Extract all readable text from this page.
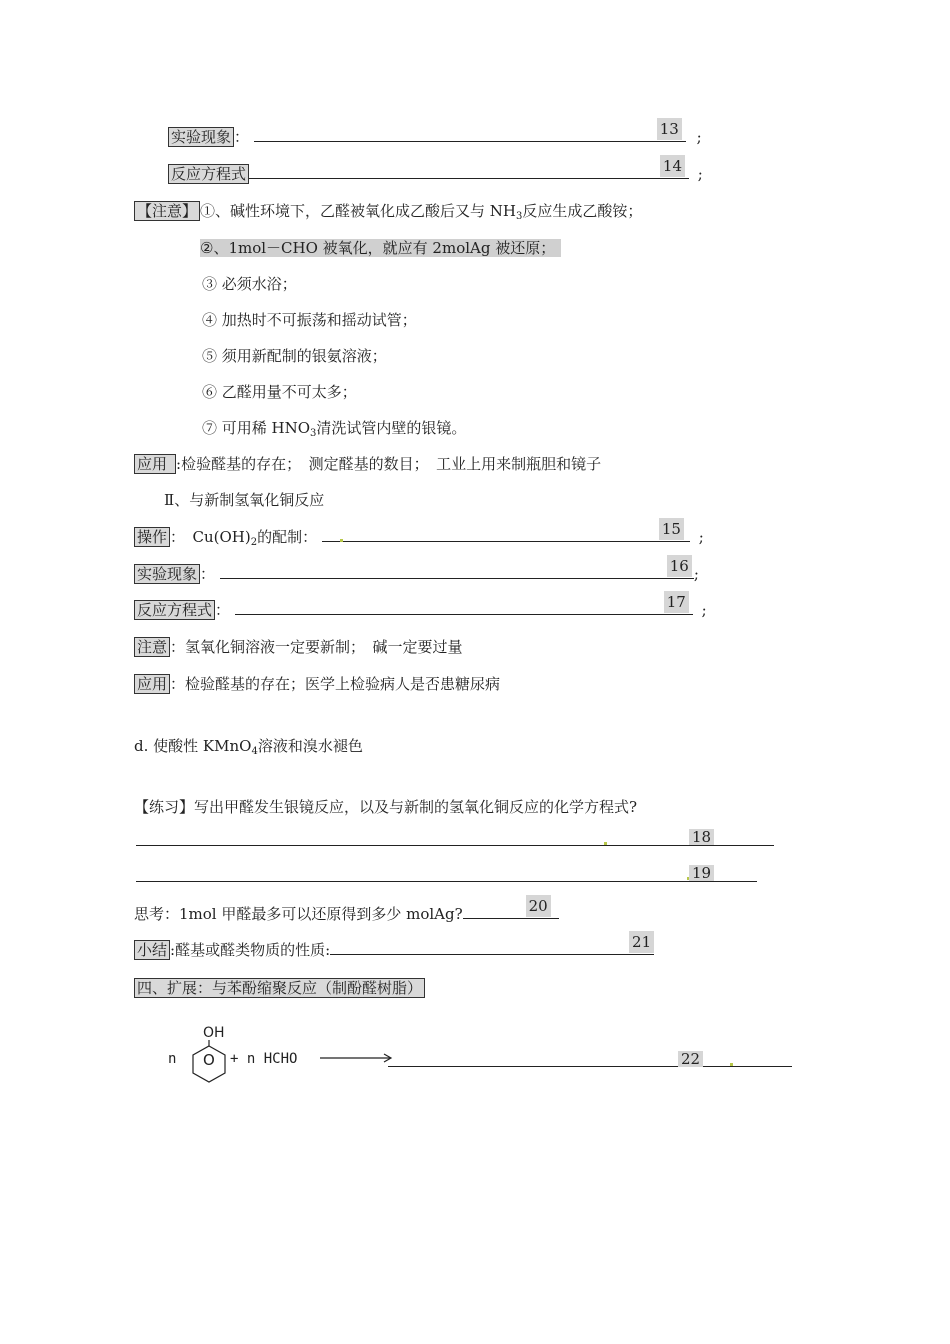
实验现象 ：	13 ;
反应方程式	14 ;
【注意】 ①、碱性环境下，乙醛被氧化成乙酸后又与 $NH_3$反应生成乙酸铵；
②、1mol－CHO 被氧化，就应有 2molAg 被还原；
③ 必须水浴；
④ 加热时不可振荡和摇动试管；
⑤ 须用新配制的银氨溶液；
⑥ 乙醛用量不可太多；
⑦ 可用稀 $HNO_3$清洗试管内壁的银镜。
应用 :检验醛基的存在；　测定醛基的数目；　工业上用来制瓶胆和镜子
Ⅱ、与新制氢氧化铜反应
操作 ：　$Cu(OH)_2$的配制：	15 ;
实验现象 ：	16 ;
反应方程式 ：	17 ;
注意 ：氢氧化铜溶液一定要新制；　碱一定要过量
应用 ：检验醛基的存在；医学上检验病人是否患糖尿病
d. 使酸性 KMnO$_4$溶液和溴水褪色
【练习】写出甲醛发生银镜反应，以及与新制的氢氧化铜反应的化学方程式?
18
19
思考：1mol 甲醛最多可以还原得到多少 molAg?	20
小结 :醛基或醛类物质的性质:	21
四、扩展：与苯酚缩聚反应（制酚醛树脂）
n
OH
O + n HCHO	22
